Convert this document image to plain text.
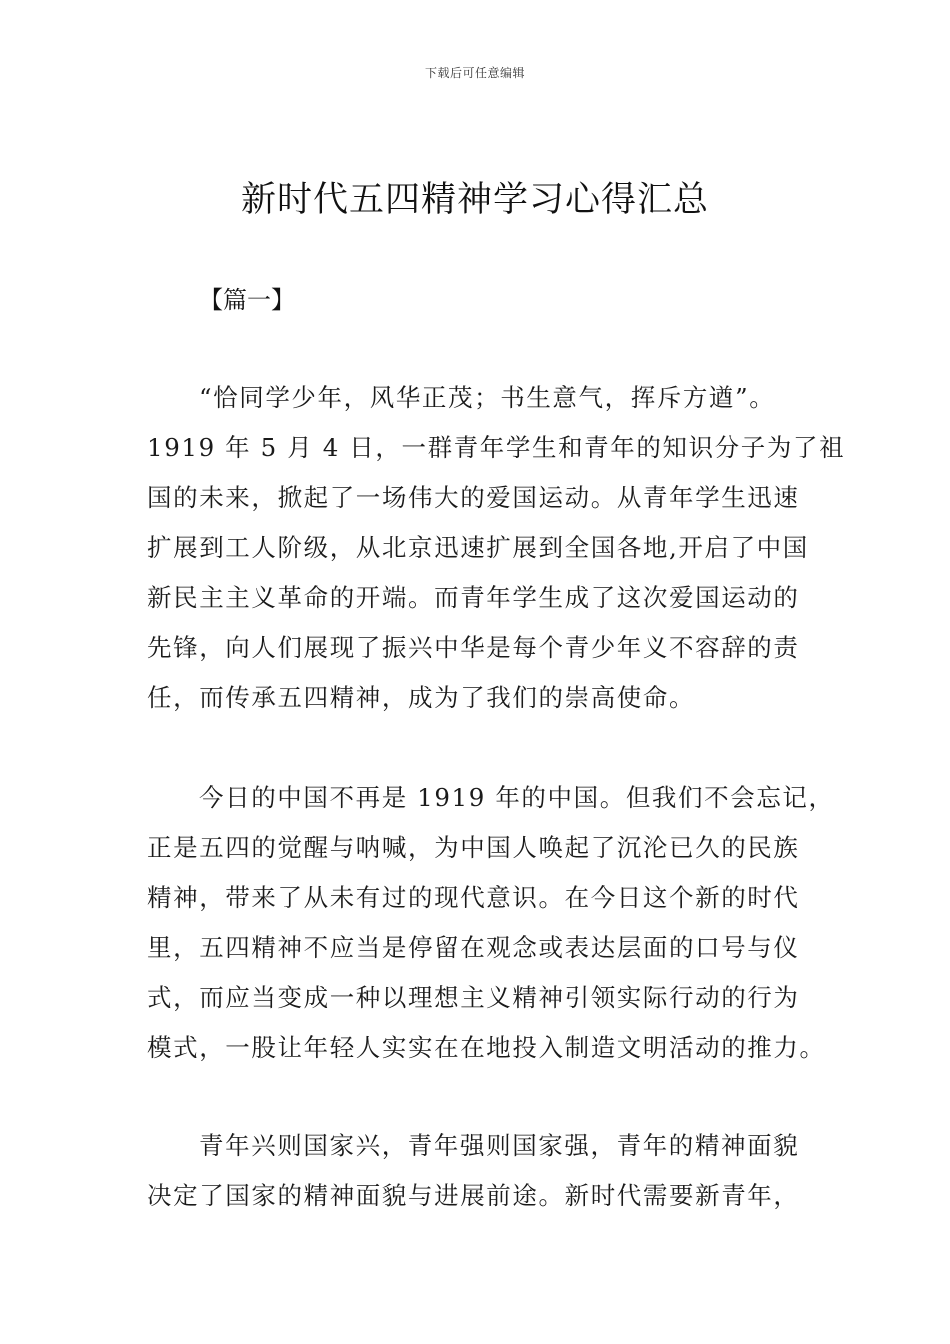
下载后可任意编辑
新时代五四精神学习心得汇总

【篇一】

“恰同学少年，风华正茂；书生意气，挥斥方遒”。
1919 年 5 月 4 日，一群青年学生和青年的知识分子为了祖
国的未来，掀起了一场伟大的爱国运动。从青年学生迅速
扩展到工人阶级，从北京迅速扩展到全国各地,开启了中国
新民主主义革命的开端。而青年学生成了这次爱国运动的
先锋，向人们展现了振兴中华是每个青少年义不容辞的责
任，而传承五四精神，成为了我们的崇高使命。

今日的中国不再是 1919 年的中国。但我们不会忘记，
正是五四的觉醒与呐喊，为中国人唤起了沉沦已久的民族
精神，带来了从未有过的现代意识。在今日这个新的时代
里，五四精神不应当是停留在观念或表达层面的口号与仪
式，而应当变成一种以理想主义精神引领实际行动的行为
模式，一股让年轻人实实在在地投入制造文明活动的推力。

青年兴则国家兴，青年强则国家强，青年的精神面貌
决定了国家的精神面貌与进展前途。新时代需要新青年，
